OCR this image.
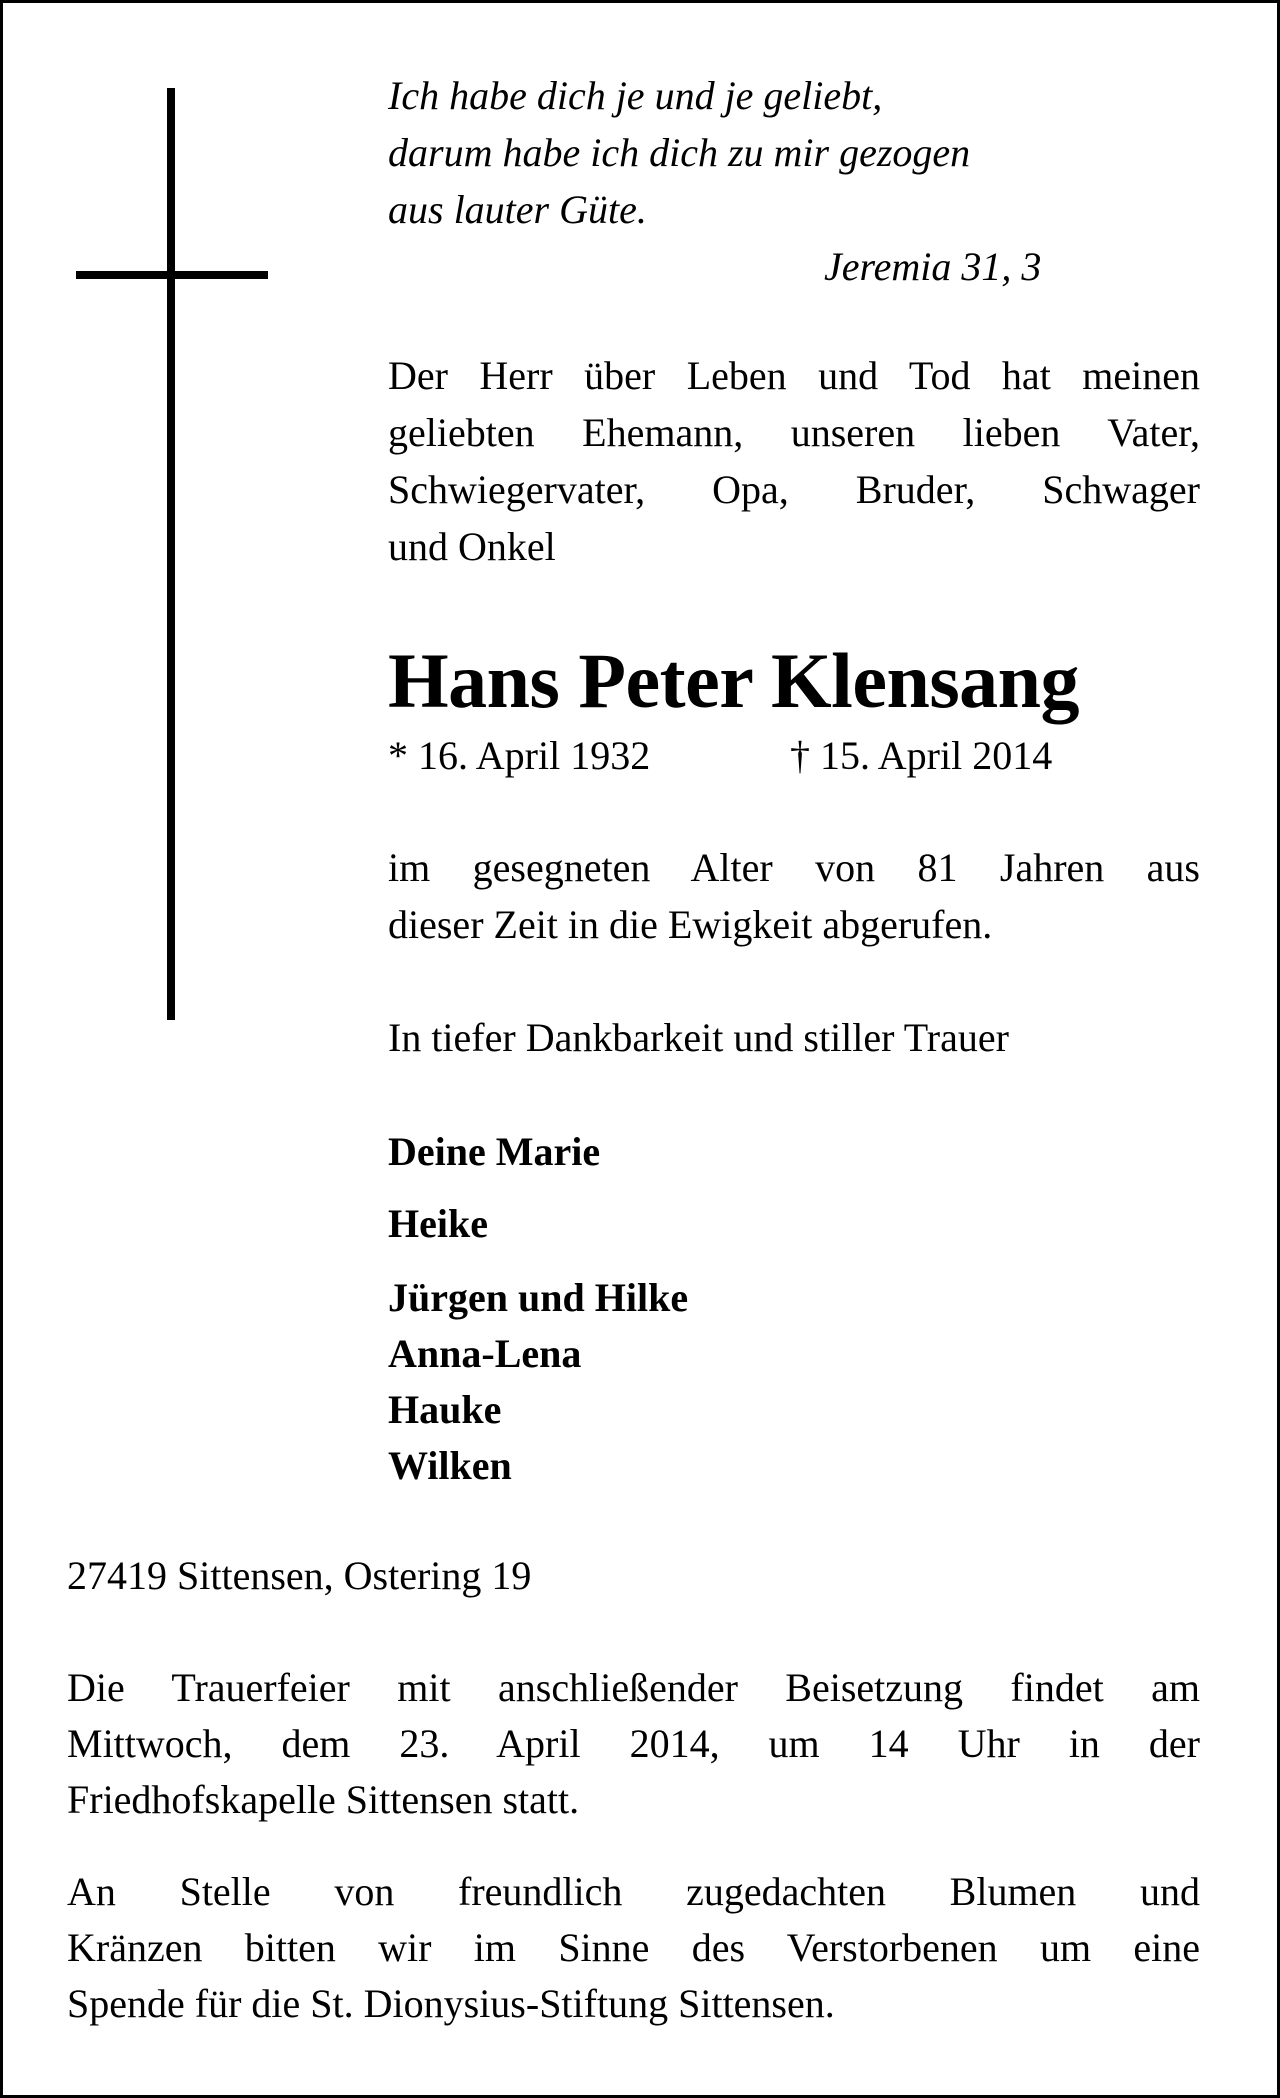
Ich habe dich je und je geliebt,
darum habe ich dich zu mir gezogen
aus lauter Güte.
Jeremia 31, 3
Der Herr über Leben und Tod hat meinen
geliebten Ehemann, unseren lieben Vater,
Schwiegervater, Opa, Bruder, Schwager
und Onkel
Hans Peter Klensang
* 16. April 1932	† 15. April 2014
im gesegneten Alter von 81 Jahren aus
dieser Zeit in die Ewigkeit abgerufen.
In tiefer Dankbarkeit und stiller Trauer
Deine Marie
Heike
Jürgen und Hilke
Anna-Lena
Hauke
Wilken
27419 Sittensen, Ostering 19
Die Trauerfeier mit anschließender Beisetzung findet am
Mittwoch, dem 23. April 2014, um 14 Uhr in der
Friedhofskapelle Sittensen statt.
An Stelle von freundlich zugedachten Blumen und
Kränzen bitten wir im Sinne des Verstorbenen um eine
Spende für die St. Dionysius-Stiftung Sittensen.
